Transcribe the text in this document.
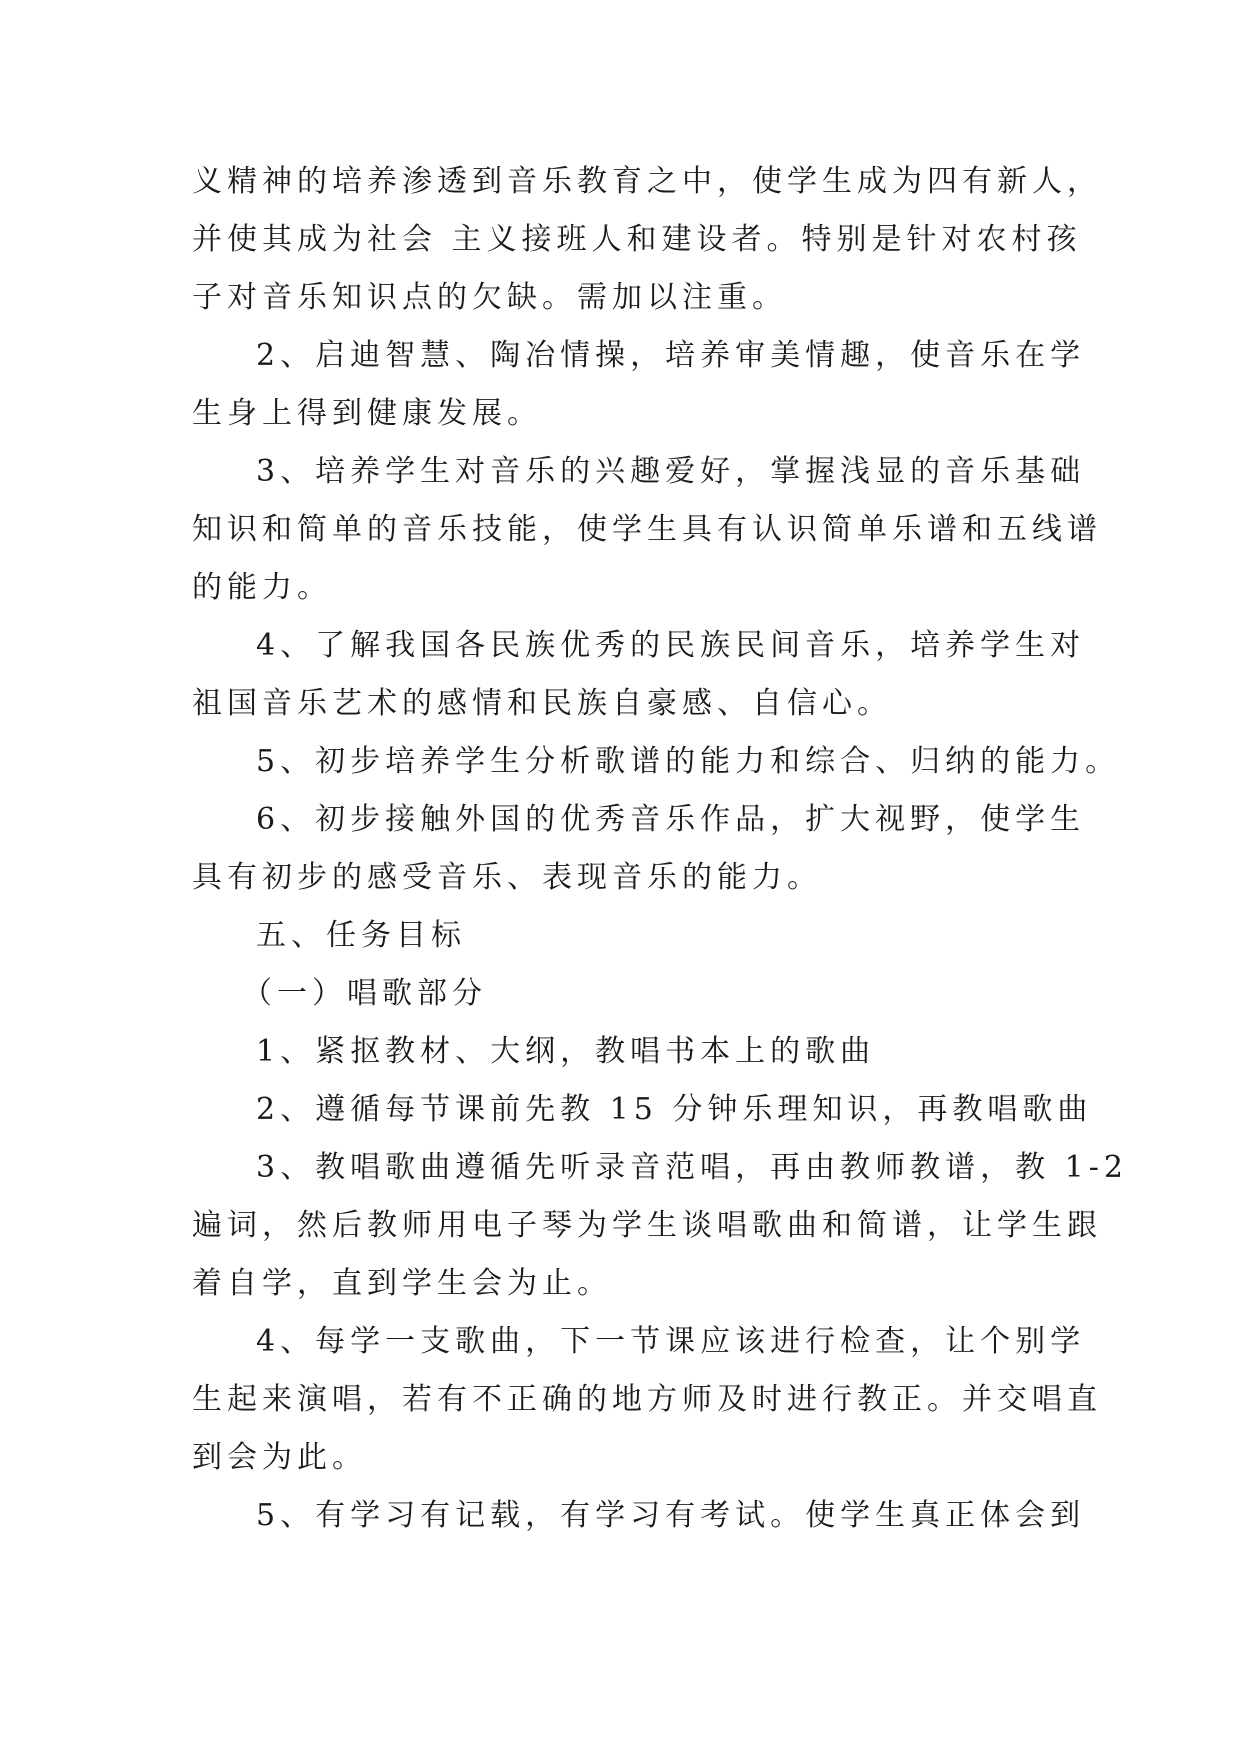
义精神的培养渗透到音乐教育之中，使学生成为四有新人，
并使其成为社会 主义接班人和建设者。特别是针对农村孩
子对音乐知识点的欠缺。需加以注重。
2、启迪智慧、陶冶情操，培养审美情趣，使音乐在学
生身上得到健康发展。
3、培养学生对音乐的兴趣爱好，掌握浅显的音乐基础
知识和简单的音乐技能，使学生具有认识简单乐谱和五线谱
的能力。
4、了解我国各民族优秀的民族民间音乐，培养学生对
祖国音乐艺术的感情和民族自豪感、自信心。
5、初步培养学生分析歌谱的能力和综合、归纳的能力。
6、初步接触外国的优秀音乐作品，扩大视野，使学生
具有初步的感受音乐、表现音乐的能力。
五、任务目标
（一）唱歌部分
1、紧抠教材、大纲，教唱书本上的歌曲
2、遵循每节课前先教 15 分钟乐理知识，再教唱歌曲
3、教唱歌曲遵循先听录音范唱，再由教师教谱，教 1-2
遍词，然后教师用电子琴为学生谈唱歌曲和简谱，让学生跟
着自学，直到学生会为止。
4、每学一支歌曲，下一节课应该进行检查，让个别学
生起来演唱，若有不正确的地方师及时进行教正。并交唱直
到会为此。
5、有学习有记载，有学习有考试。使学生真正体会到
